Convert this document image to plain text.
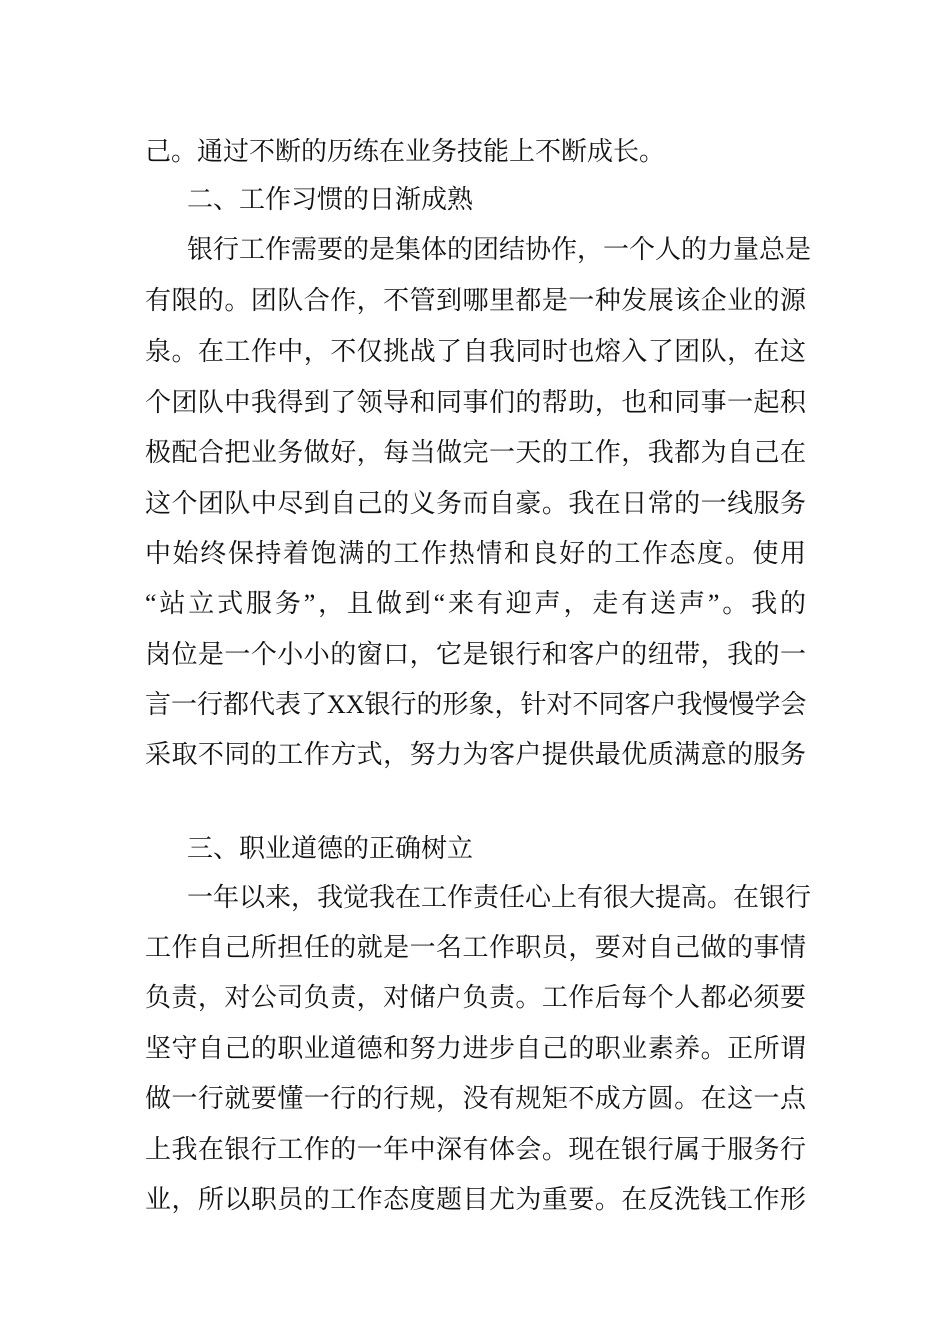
己。通过不断的历练在业务技能上不断成长。
二、工作习惯的日渐成熟
银行工作需要的是集体的团结协作，一个人的力量总是
有限的。团队合作，不管到哪里都是一种发展该企业的源
泉。在工作中，不仅挑战了自我同时也熔入了团队，在这
个团队中我得到了领导和同事们的帮助，也和同事一起积
极配合把业务做好，每当做完一天的工作，我都为自己在
这个团队中尽到自己的义务而自豪。我在日常的一线服务
中始终保持着饱满的工作热情和良好的工作态度。使用
“站立式服务”，且做到“来有迎声，走有送声”。我的
岗位是一个小小的窗口，它是银行和客户的纽带，我的一
言一行都代表了XX银行的形象，针对不同客户我慢慢学会
采取不同的工作方式，努力为客户提供最优质满意的服务
三、职业道德的正确树立
一年以来，我觉我在工作责任心上有很大提高。在银行
工作自己所担任的就是一名工作职员，要对自己做的事情
负责，对公司负责，对储户负责。工作后每个人都必须要
坚守自己的职业道德和努力进步自己的职业素养。正所谓
做一行就要懂一行的行规，没有规矩不成方圆。在这一点
上我在银行工作的一年中深有体会。现在银行属于服务行
业，所以职员的工作态度题目尤为重要。在反洗钱工作形
